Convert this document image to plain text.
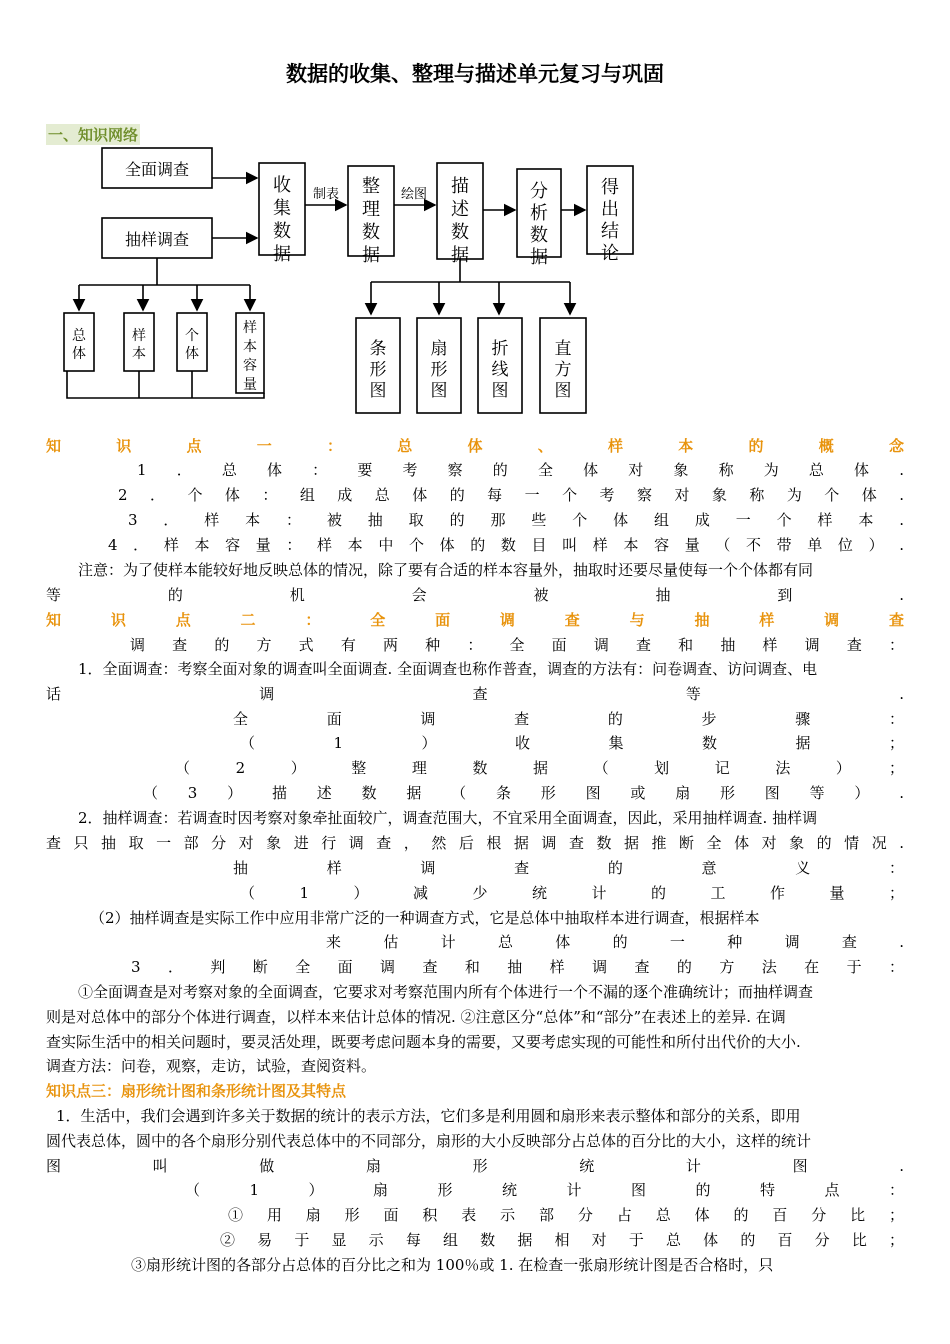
数据的收集、整理与描述单元复习与巩固
一、知识网络
全面调查
抽样调查
制表	绘图
收集数据
整理数据
描述数据
分析数据
得出结论
总体
样本
个体
样本容量
条形图
扇形图
折线图
直方图
知识点一：总体、样本的概念
1．总体：要考察的全体对象称为总体.
2．个体：组成总体的每一个考察对象称为个体.
3．样本：被抽取的那些个体组成一个样本.
4．样本容量：样本中个体的数目叫样本容量（不带单位）.
注意：为了使样本能较好地反映总体的情况，除了要有合适的样本容量外，抽取时还要尽量使每一个个体都有同
等的机会被抽到.
知识点二：全面调查与抽样调查
调查的方式有两种：全面调查和抽样调查：
1．全面调查：考察全面对象的调查叫全面调查. 全面调查也称作普查，调查的方法有：问卷调查、访问调查、电
话调查等.
全面调查的步骤：
（1）收集数据；
（2）整理数据（划记法）；
（3）描述数据（条形图或扇形图等）.
2．抽样调查：若调查时因考察对象牵扯面较广，调查范围大，不宜采用全面调查，因此，采用抽样调查. 抽样调
查只抽取一部分对象进行调查，然后根据调查数据推断全体对象的情况.
抽样调查的意义：
（1）减少统计的工作量；
（2）抽样调查是实际工作中应用非常广泛的一种调查方式，它是总体中抽取样本进行调查，根据样本
来估计总体的一种调查.
3．判断全面调查和抽样调查的方法在于：
①全面调查是对考察对象的全面调查，它要求对考察范围内所有个体进行一个不漏的逐个准确统计；而抽样调查
则是对总体中的部分个体进行调查，以样本来估计总体的情况. ②注意区分“总体”和“部分”在表述上的差异. 在调
查实际生活中的相关问题时，要灵活处理，既要考虑问题本身的需要，又要考虑实现的可能性和所付出代价的大小.
调查方法：问卷，观察，走访，试验，查阅资料。
知识点三：扇形统计图和条形统计图及其特点
1．生活中，我们会遇到许多关于数据的统计的表示方法，它们多是利用圆和扇形来表示整体和部分的关系，即用
圆代表总体，圆中的各个扇形分别代表总体中的不同部分，扇形的大小反映部分占总体的百分比的大小，这样的统计
图叫做扇形统计图.
（1）扇形统计图的特点：
①用扇形面积表示部分占总体的百分比；
②易于显示每组数据相对于总体的百分比；
③扇形统计图的各部分占总体的百分比之和为 100％或 1. 在检查一张扇形统计图是否合格时，只
